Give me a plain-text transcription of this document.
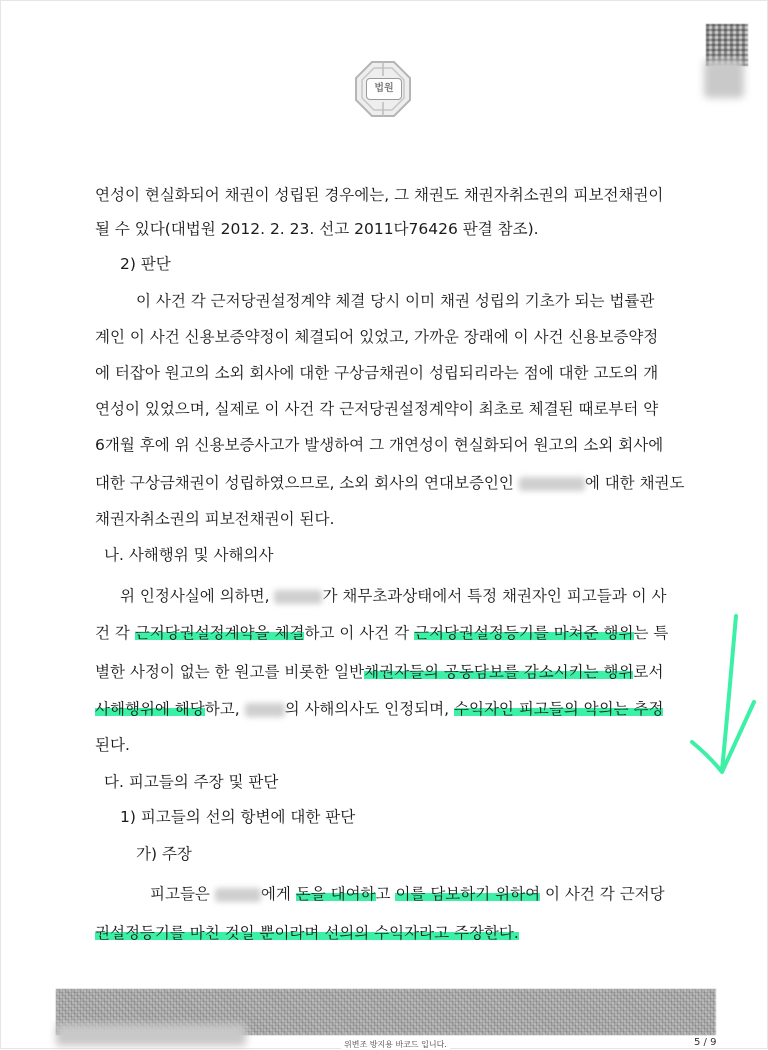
법원
연성이 현실화되어 채권이 성립된 경우에는, 그 채권도 채권자취소권의 피보전채권이
될 수 있다(대법원 2012. 2. 23. 선고 2011다76426 판결 참조).
2) 판단
이 사건 각 근저당권설정계약 체결 당시 이미 채권 성립의 기초가 되는 법률관
계인 이 사건 신용보증약정이 체결되어 있었고, 가까운 장래에 이 사건 신용보증약정
에 터잡아 원고의 소외 회사에 대한 구상금채권이 성립되리라는 점에 대한 고도의 개
연성이 있었으며, 실제로 이 사건 각 근저당권설정계약이 최초로 체결된 때로부터 약
6개월 후에 위 신용보증사고가 발생하여 그 개연성이 현실화되어 원고의 소외 회사에
대한 구상금채권이 성립하였으므로, 소외 회사의 연대보증인인	에 대한 채권도
채권자취소권의 피보전채권이 된다.
나. 사해행위 및 사해의사
위 인정사실에 의하면,	가 채무초과상태에서 특정 채권자인 피고들과 이 사
건 각 근저당권설정계약을 체결하고 이 사건 각 근저당권설정등기를 마쳐준 행위는 특
별한 사정이 없는 한 원고를 비롯한 일반채권자들의 공동담보를 감소시키는 행위로서
사해행위에 해당하고,	의 사해의사도 인정되며, 수익자인 피고들의 악의는 추정
된다.
다. 피고들의 주장 및 판단
1) 피고들의 선의 항변에 대한 판단
가) 주장
피고들은	에게 돈을 대여하고 이를 담보하기 위하여 이 사건 각 근저당
권설정등기를 마친 것일 뿐이라며 선의의 수익자라고 주장한다.
위변조 방지용 바코드 입니다.	5 / 9
